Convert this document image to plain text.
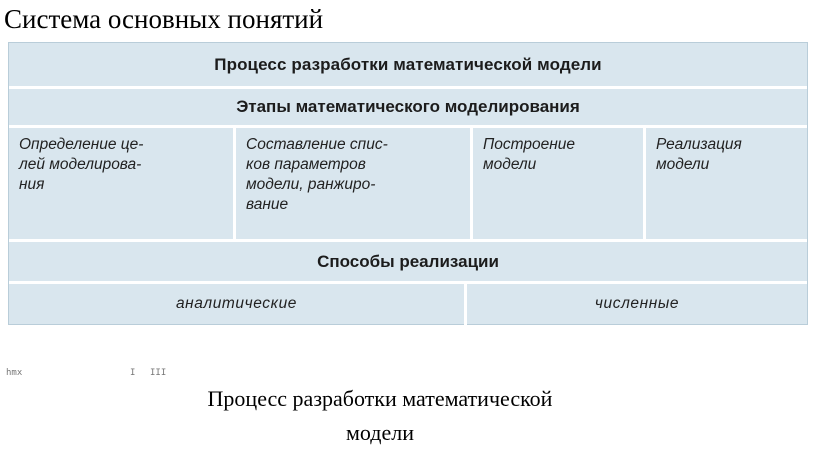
Система основных понятий
Процесс разработки математической модели
Этапы математического моделирования
Определение це-
лей моделирова-
ния
Составление спис-
ков параметров
модели, ранжиро-
вание
Построение
модели
Реализация
модели
Способы реализации
аналитические	численные
hmx	I III
Процесс разработки математической
модели
